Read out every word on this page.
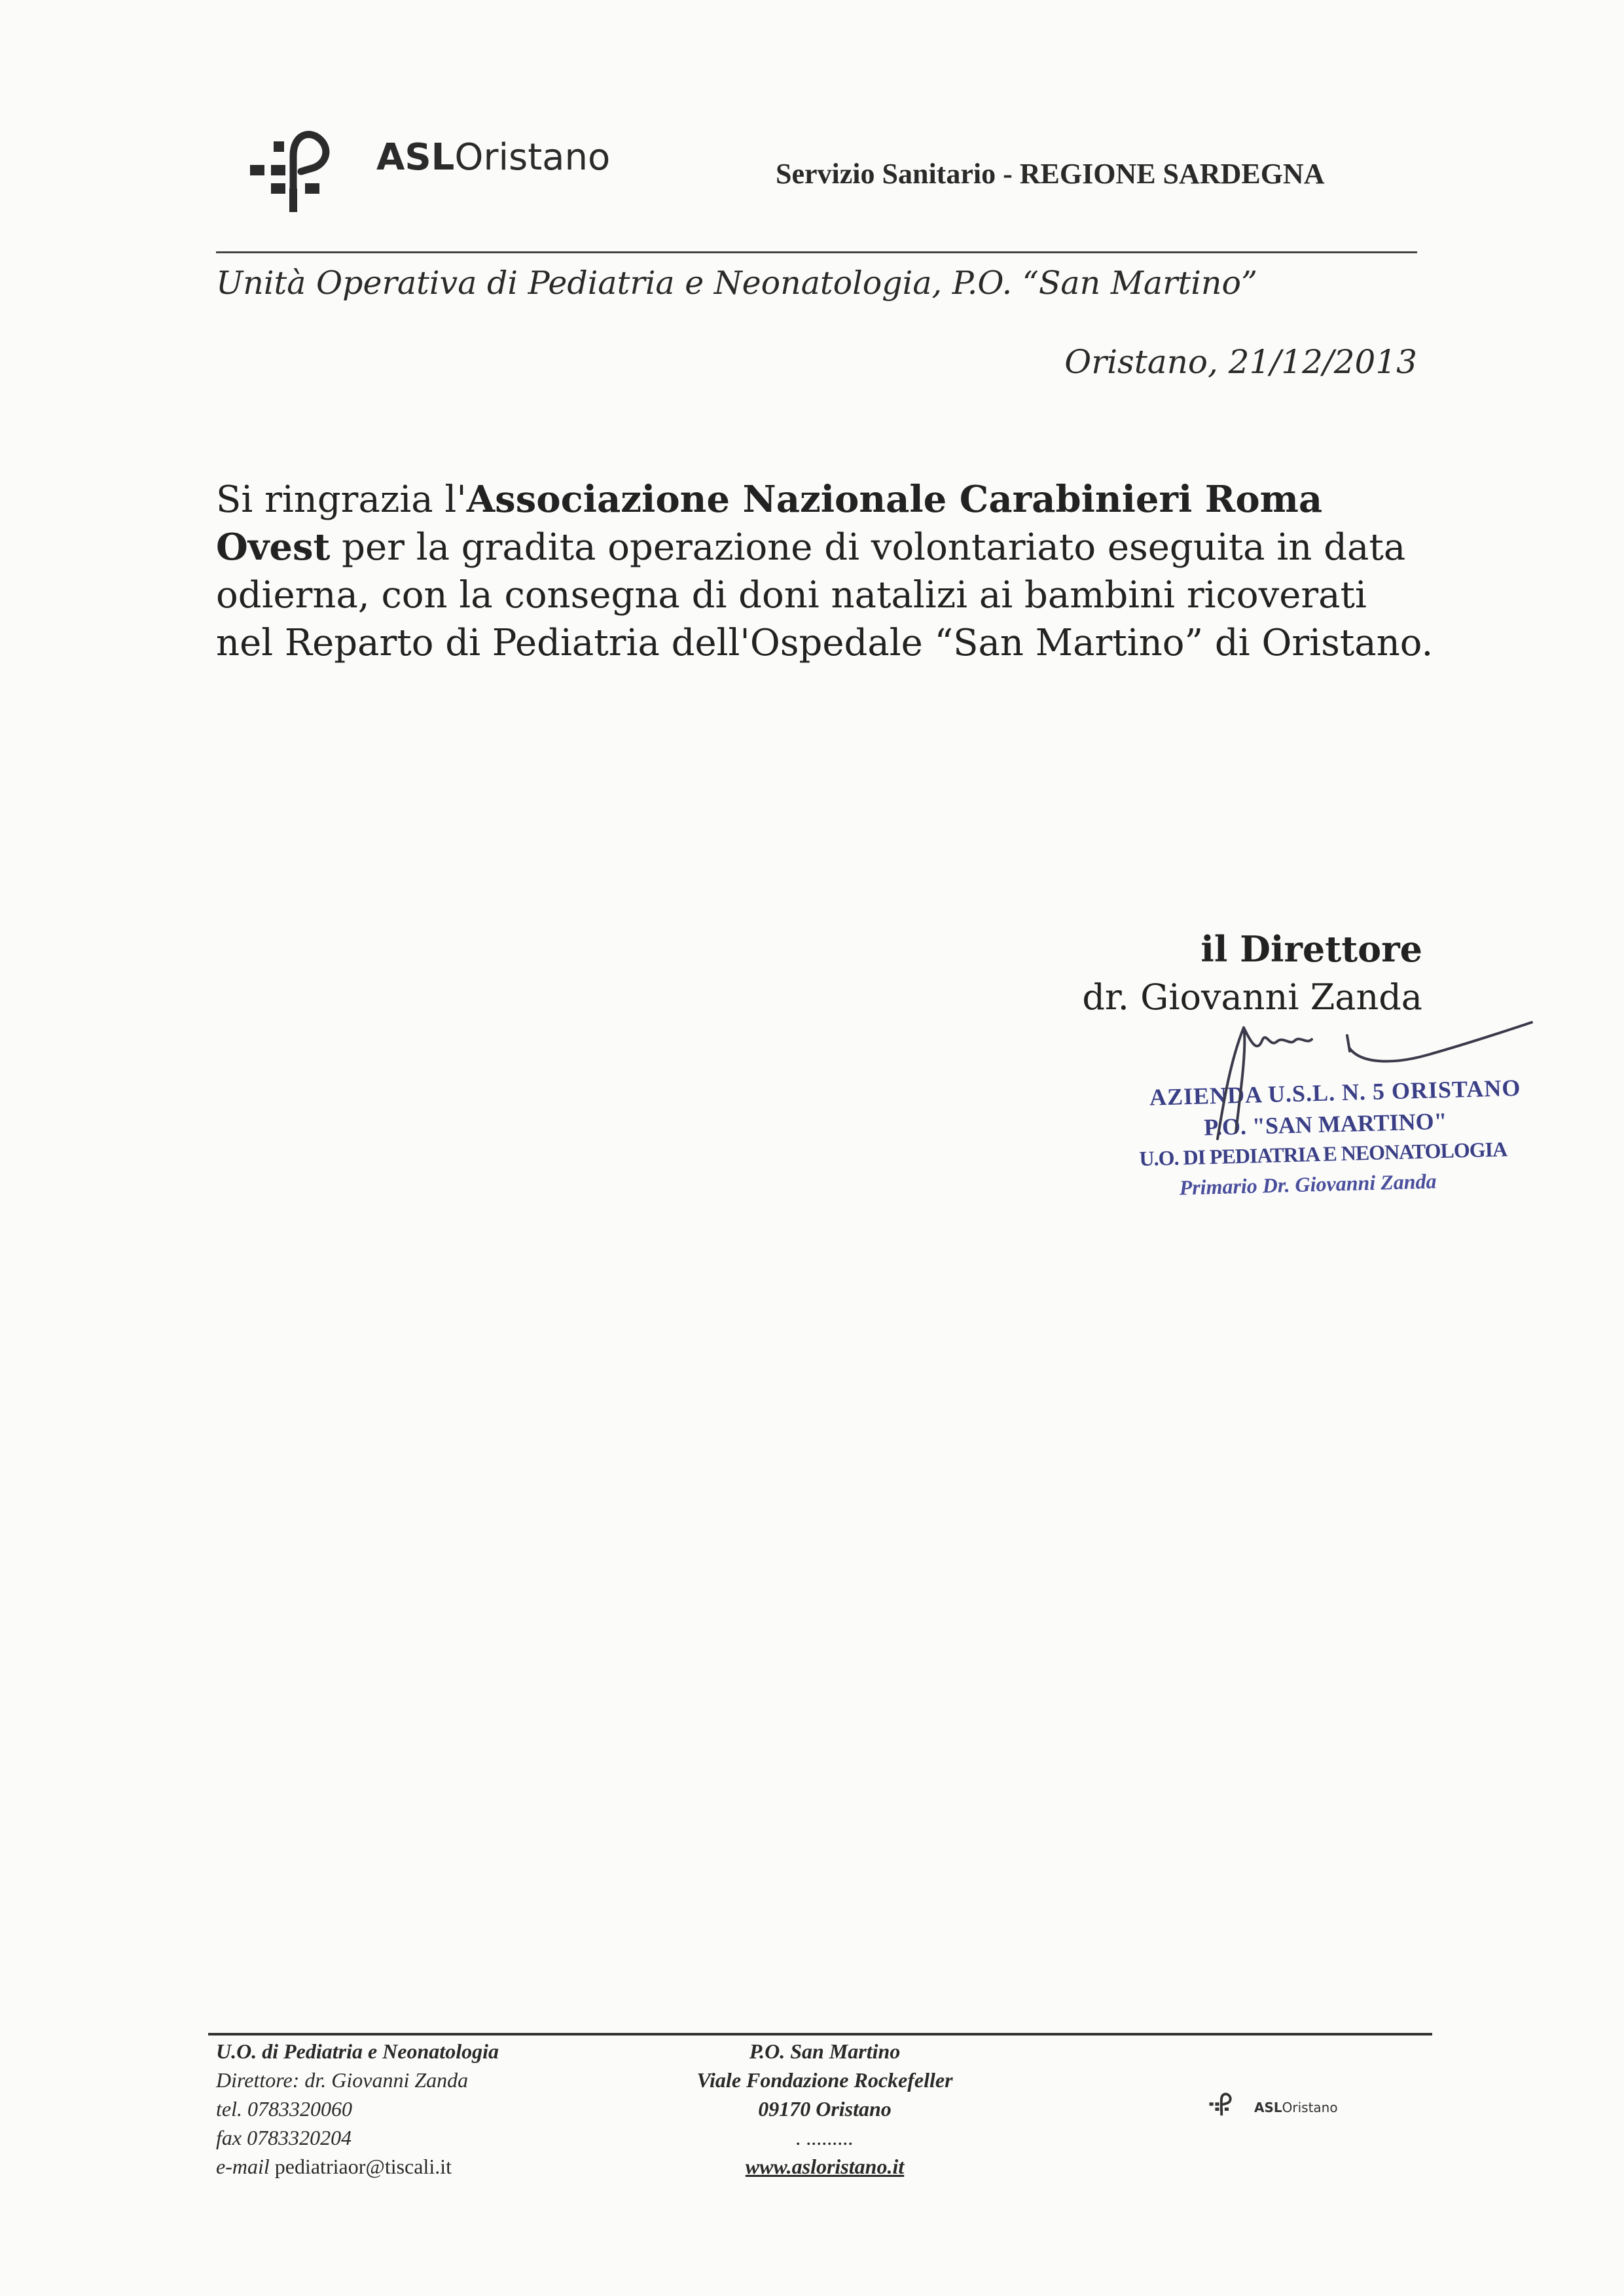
ASLOristano	Servizio Sanitario - REGIONE SARDEGNA
Unità Operativa di Pediatria e Neonatologia, P.O. “San Martino”
Oristano, 21/12/2013
Si ringrazia l'Associazione Nazionale Carabinieri Roma Ovest per la gradita operazione di volontariato eseguita in data odierna, con la consegna di doni natalizi ai bambini ricoverati nel Reparto di Pediatria dell'Ospedale “San Martino” di Oristano.
il Direttore
dr. Giovanni Zanda
AZIENDA U.S.L. N. 5 ORISTANO
P.O. "SAN MARTINO"
U.O. DI PEDIATRIA E NEONATOLOGIA
Primario Dr. Giovanni Zanda
U.O. di Pediatria e Neonatologia
Direttore: dr. Giovanni Zanda
tel. 0783320060
fax 0783320204
e-mail pediatriaor@tiscali.it
P.O. San Martino
Viale Fondazione Rockefeller
09170 Oristano
. .........
www.asloristano.it
ASLOristano
